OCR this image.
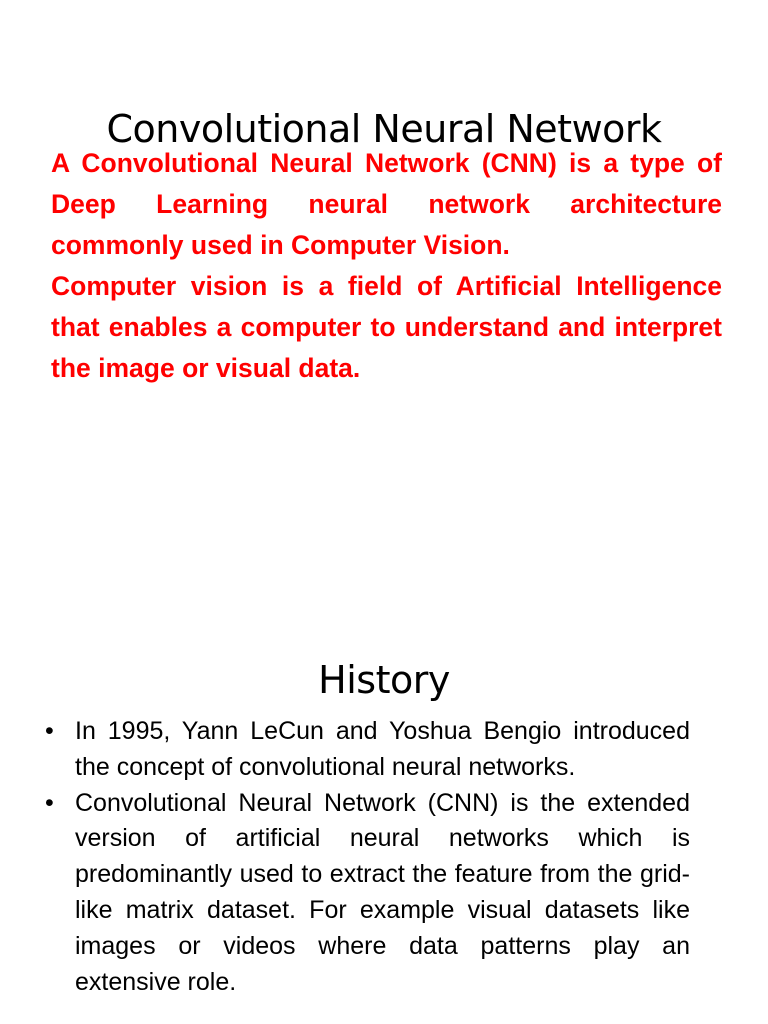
Convolutional Neural Network

A Convolutional Neural Network (CNN) is a type of Deep Learning neural network architecture commonly used in Computer Vision.

Computer vision is a field of Artificial Intelligence that enables a computer to understand and interpret the image or visual data.

History
• In 1995, Yann LeCun and Yoshua Bengio introduced the concept of convolutional neural networks.
• Convolutional Neural Network (CNN) is the extended version of artificial neural networks which is predominantly used to extract the feature from the grid-like matrix dataset. For example visual datasets like images or videos where data patterns play an extensive role.
